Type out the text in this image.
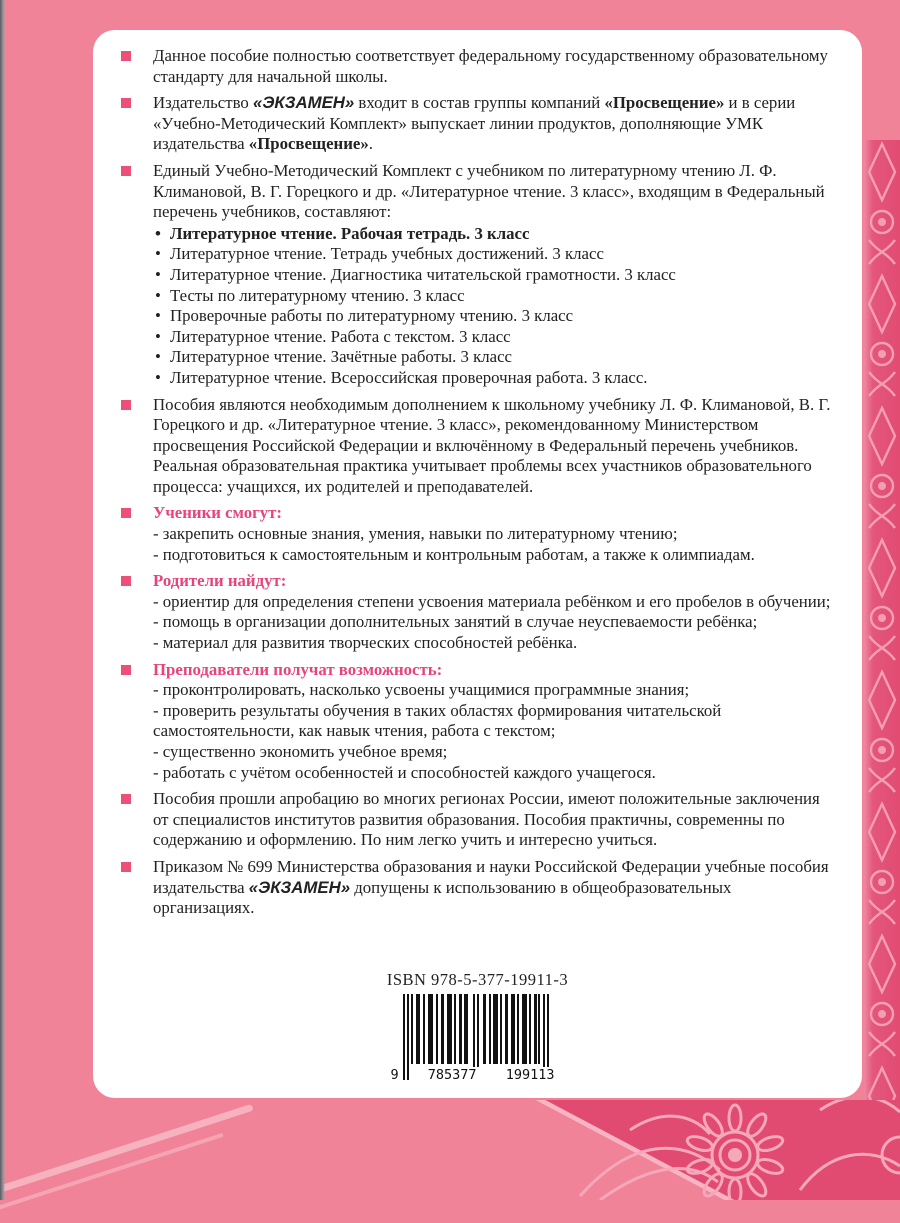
Данное пособие полностью соответствует федеральному государственному образовательному стандарту для начальной школы.
Издательство «ЭКЗАМЕН» входит в состав группы компаний «Просвещение» и в серии «Учебно-Методический Комплект» выпускает линии продуктов, дополняющие УМК издательства «Просвещение».
Единый Учебно-Методический Комплект с учебником по литературному чтению Л. Ф. Климановой, В. Г. Горецкого и др. «Литературное чтение. 3 класс», входящим в Федеральный перечень учебников, составляют:
• Литературное чтение. Рабочая тетрадь. 3 класс
• Литературное чтение. Тетрадь учебных достижений. 3 класс
• Литературное чтение. Диагностика читательской грамотности. 3 класс
• Тесты по литературному чтению. 3 класс
• Проверочные работы по литературному чтению. 3 класс
• Литературное чтение. Работа с текстом. 3 класс
• Литературное чтение. Зачётные работы. 3 класс
• Литературное чтение. Всероссийская проверочная работа. 3 класс.
Пособия являются необходимым дополнением к школьному учебнику Л. Ф. Климановой, В. Г. Горецкого и др. «Литературное чтение. 3 класс», рекомендованному Министерством просвещения Российской Федерации и включённому в Федеральный перечень учебников. Реальная образовательная практика учитывает проблемы всех участников образовательного процесса: учащихся, их родителей и преподавателей.
Ученики смогут:
- закрепить основные знания, умения, навыки по литературному чтению;
- подготовиться к самостоятельным и контрольным работам, а также к олимпиадам.
Родители найдут:
- ориентир для определения степени усвоения материала ребёнком и его пробелов в обучении;
- помощь в организации дополнительных занятий в случае неуспеваемости ребёнка;
- материал для развития творческих способностей ребёнка.
Преподаватели получат возможность:
- проконтролировать, насколько усвоены учащимися программные знания;
- проверить результаты обучения в таких областях формирования читательской самостоятельности, как навык чтения, работа с текстом;
- существенно экономить учебное время;
- работать с учётом особенностей и способностей каждого учащегося.
Пособия прошли апробацию во многих регионах России, имеют положительные заключения от специалистов институтов развития образования. Пособия практичны, современны по содержанию и оформлению. По ним легко учить и интересно учиться.
Приказом № 699 Министерства образования и науки Российской Федерации учебные пособия издательства «ЭКЗАМЕН» допущены к использованию в общеобразовательных организациях.
ISBN 978-5-377-19911-3
9 785377 199113
